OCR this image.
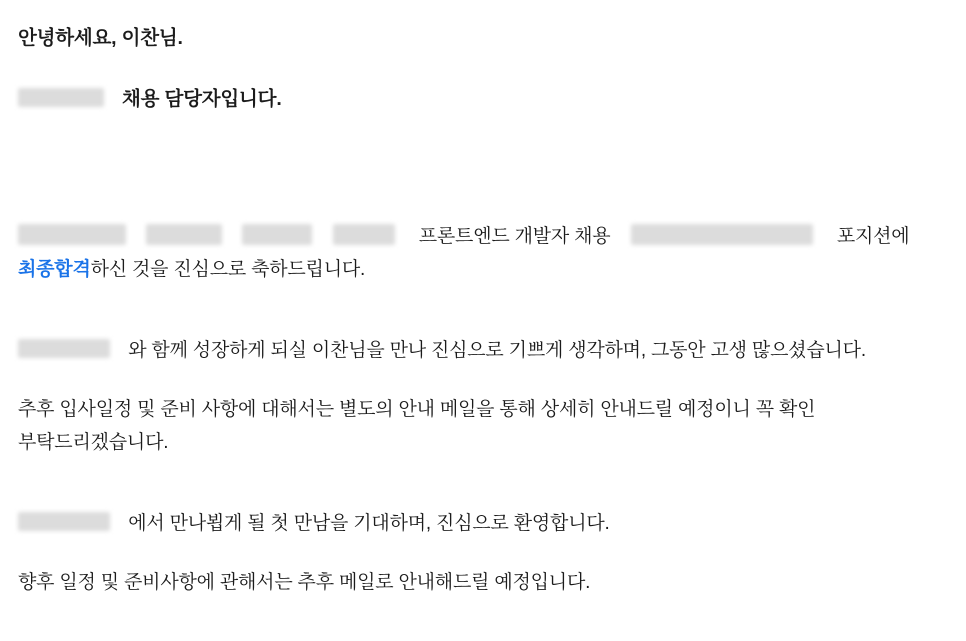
안녕하세요, 이찬님.

채용 담당자입니다.

프론트엔드 개발자 채용	포지션에  최종합격하신 것을 진심으로 축하드립니다.

와 함께 성장하게 되실 이찬님을 만나 진심으로 기쁘게 생각하며, 그동안 고생 많으셨습니다.

추후 입사일정 및 준비 사항에 대해서는 별도의 안내 메일을 통해 상세히 안내드릴 예정이니 꼭 확인 부탁드리겠습니다.

에서 만나뵙게 될 첫 만남을 기대하며, 진심으로 환영합니다.

향후 일정 및 준비사항에 관해서는 추후 메일로 안내해드릴 예정입니다.
